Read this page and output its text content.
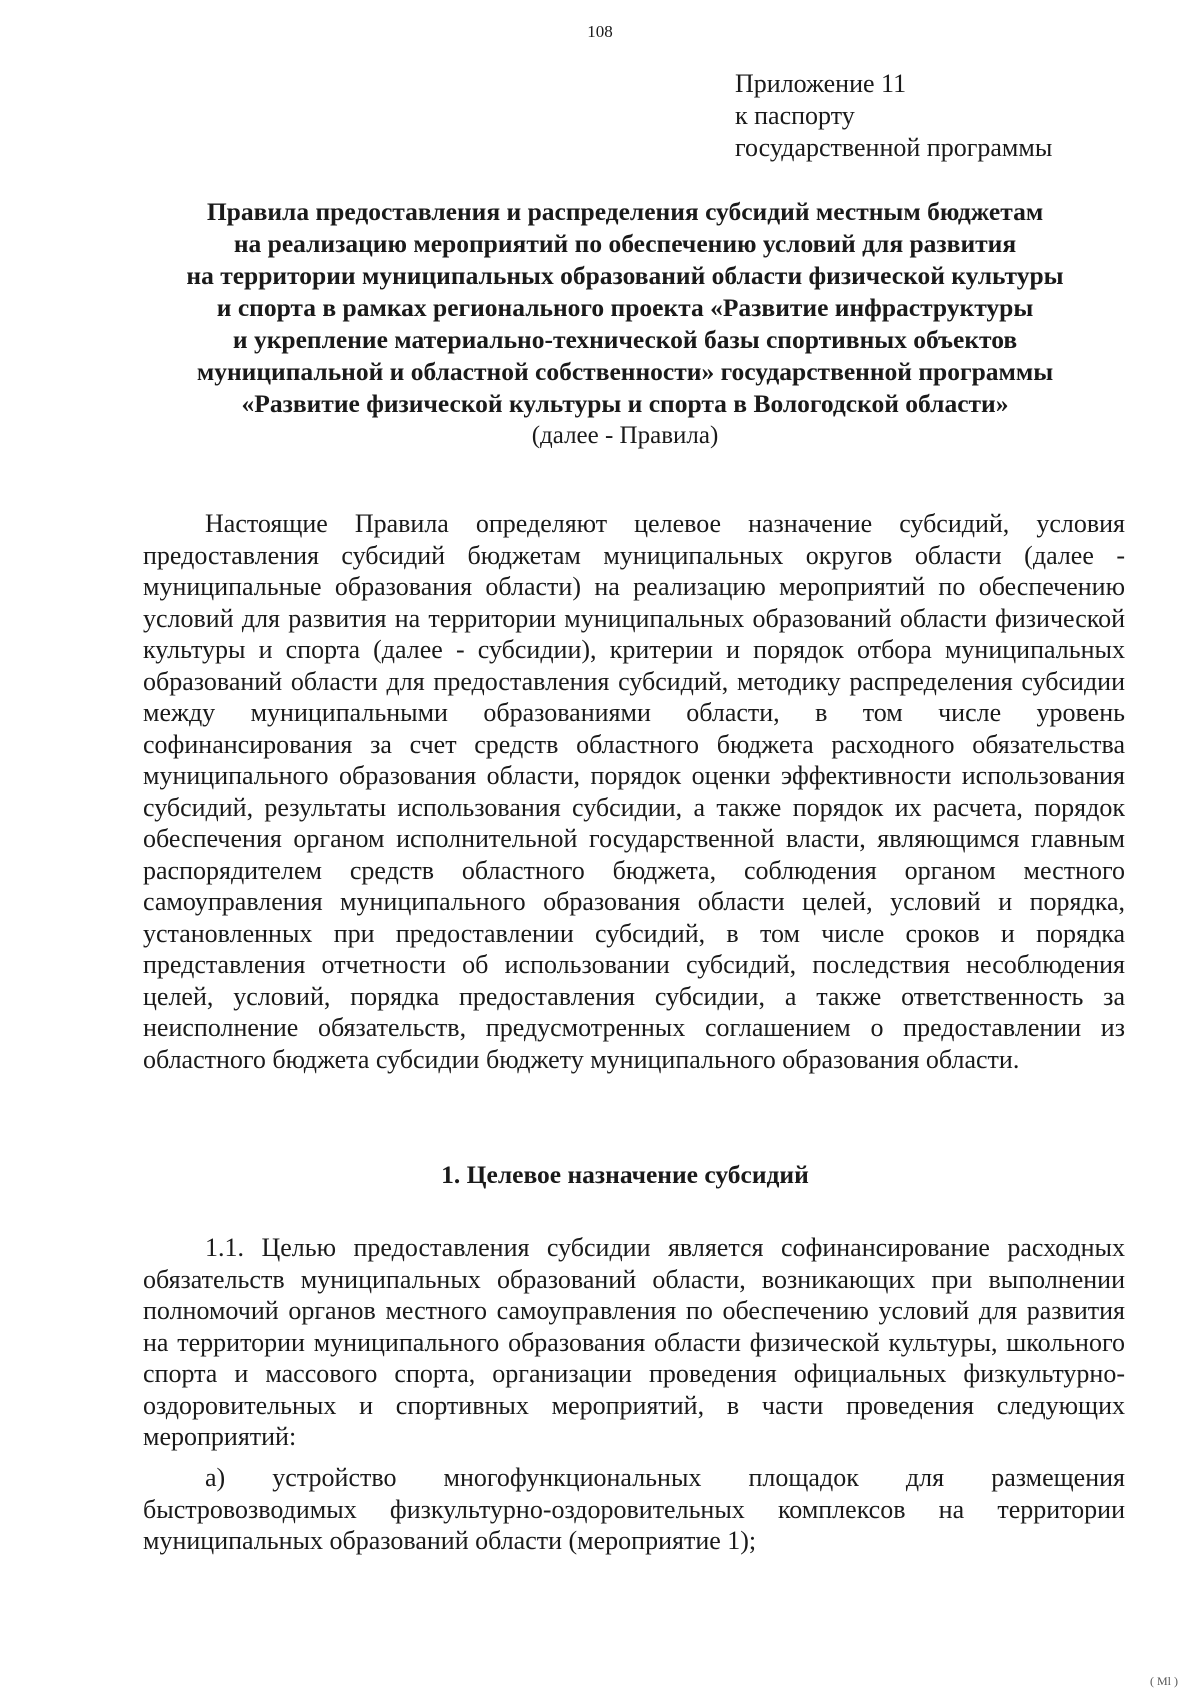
108
Приложение 11
к паспорту
государственной программы
Правила предоставления и распределения субсидий местным бюджетам
на реализацию мероприятий по обеспечению условий для развития
на территории муниципальных образований области физической культуры
и спорта в рамках регионального проекта «Развитие инфраструктуры
и укрепление материально-технической базы спортивных объектов
муниципальной и областной собственности» государственной программы
«Развитие физической культуры и спорта в Вологодской области»
(далее - Правила)

Настоящие Правила определяют целевое назначение субсидий, условия предоставления субсидий бюджетам муниципальных округов области (далее - муниципальные образования области) на реализацию мероприятий по обеспечению условий для развития на территории муниципальных образований области физической культуры и спорта (далее - субсидии), критерии и порядок отбора муниципальных образований области для предоставления субсидий, методику распределения субсидии между муниципальными образованиями области, в том числе уровень софинансирования за счет средств областного бюджета расходного обязательства муниципального образования области, порядок оценки эффективности использования субсидий, результаты использования субсидии, а также порядок их расчета, порядок обеспечения органом исполнительной государственной власти, являющимся главным распорядителем средств областного бюджета, соблюдения органом местного самоуправления муниципального образования области целей, условий и порядка, установленных при предоставлении субсидий, в том числе сроков и порядка представления отчетности об использовании субсидий, последствия несоблюдения целей, условий, порядка предоставления субсидии, а также ответственность за неисполнение обязательств, предусмотренных соглашением о предоставлении из областного бюджета субсидии бюджету муниципального образования области.

1. Целевое назначение субсидий

1.1. Целью предоставления субсидии является софинансирование расходных обязательств муниципальных образований области, возникающих при выполнении полномочий органов местного самоуправления по обеспечению условий для развития на территории муниципального образования области физической культуры, школьного спорта и массового спорта, организации проведения официальных физкультурно-оздоровительных и спортивных мероприятий, в части проведения следующих мероприятий:

а) устройство многофункциональных площадок для размещения быстровозводимых физкультурно-оздоровительных комплексов на территории муниципальных образований области (мероприятие 1);

( Ml )
